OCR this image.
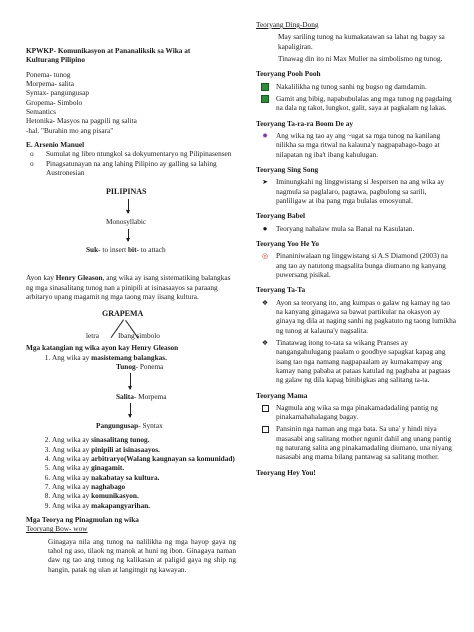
KPWKP- Komunikasyon at Pananaliksik sa Wika at
Kulturang Pilipino

Ponema- tunog

Morpema- salita

Syntax- pangungusap

Gropema- Simbolo

Semantics

Hetonika- Masyos na pagpili ng salita

-hal. "Burahin mo ang pisara"

E. Arsenio Manuel

o	Sumulat ng libro ntungkol sa dokyumentaryo ng Pilipinasensen
o	Pinagsatunayan na ang lahing Pilipino ay galling sa lahing Austronesian
PILIPINAS
Monosyllabic
Suk- to insert bit- to attach

Ayon kay Henry Gleason, ang wika ay isang sistematiking balangkas ng mga sinasalitang tunog nan a pinipili at isinasaayos sa paraang arbitaryo upang magamit ng mga taong may iisang kultura.

GRAPEMA
letra	Ibang simbolo

Mga katangian ng wika ayon kay Henry Gleason

1. Ang wika ay masistemang balangkas.
Tunog- Ponema
Salita- Morpema

Pangungusap- Syntax

2. Ang wika ay sinasalitang tunog.
3. Ang wika ay pinipili at isinasaayos.
4. Ang wika ay arbitraryo(Walang kaugnayan sa komunidad)
5. Ang wika ay ginagamit.
6. Ang wika ay nakabatay sa kultura.
7. Ang wika ay naghabago
8. Ang wika ay komunikasyon.
9. Ang wika ay makapangyarihan.

Mga Teorya ng Pinagmulan ng wika

Teoryang Bow- wow

Ginagaya nila ang tunog na nalilikha ng mga hayop gaya ng tahol ng aso, tilaok ng manok at huni ng ibon. Ginagaya naman daw ng tao ang tunog ng kalikasan at paligid gaya ng ship ng hangin, patak ng ulan at langitngit ng kawayan.

Teoryang Ding-Dong

May sariling tunog na kumakatawan sa lahat ng bagay sa kapaligiran.

Tinawag din ito ni Max Muller na simbolismo ng tunog.

Teoryang Pooh Pooh

Nakalilikha ng tunog sanhi ng bugso ng damdamin.
Gamit ang bibig, napabubulalas ang mga tunog ng pagdaing na dala ng takot, lungkot, galit, saya at pagkalam ng lakas.

Teoryang Ta-ra-ra Boom De ay

✸ Ang wika ng tao ay ang ~ugat sa mga tunog na kanilang nilikha sa mga ritwal na kalauna'y nagpapabago-bago at nilapatan ng iba't ibang kahulugan.

Teoryang Sing Song

➤ Iminungkahi ng linggwistang si Jespersen na ang wika ay nagmula sa paglalaro, pagtawa, pagbulong sa sarili, panliligaw at iba pang mga bulalas emosyunal.

Teoryang Babel

● Teoryang nahalaw mula sa Banal na Kasulatan.

Teoryang Yoo He Yo

◎ Pinaniniwalaan ng linggwistang si A.S Diamond (2003) na ang tao ay natutong magsalita bunga diumano ng kanyang puwersang pisikal.

Teoryang Ta-Ta

❖ Ayon sa teoryang ito, ang kumpas o galaw ng kamay ng tao na kanyang ginagawa sa bawat partikular na okasyon ay ginaya ng dila at naging sanhi ng pagkatuto ng taong lumikha ng tunog at kalauna'y nagsalita.
❖ Tinatawag itong to-tata sa wikang Pranses ay nangangahulugang paalam o goodbye sapagkat kapag ang isang tao nga namang nagpapaalam ay kumakampay ang kamay nang pababa at pataas katulad ng pagbaba at pagtaas ng galaw ng dila kapag binibigkas ang salitang ta-ta.

Teoryang Mama

Nagmula ang wika sa mga pinakamadadaling pantig ng pinakamahahalagang bagay.
Pansinin nga naman ang mga bata. Sa una' y hindi niya masasabi ang salitang mother ngunit dahil ang unang pantig ng naturang salita ang pinakamadaling diumano, una niyang nasasabi ang mama bilang pantawag sa salitang mother.

Teoryang Hey You!
